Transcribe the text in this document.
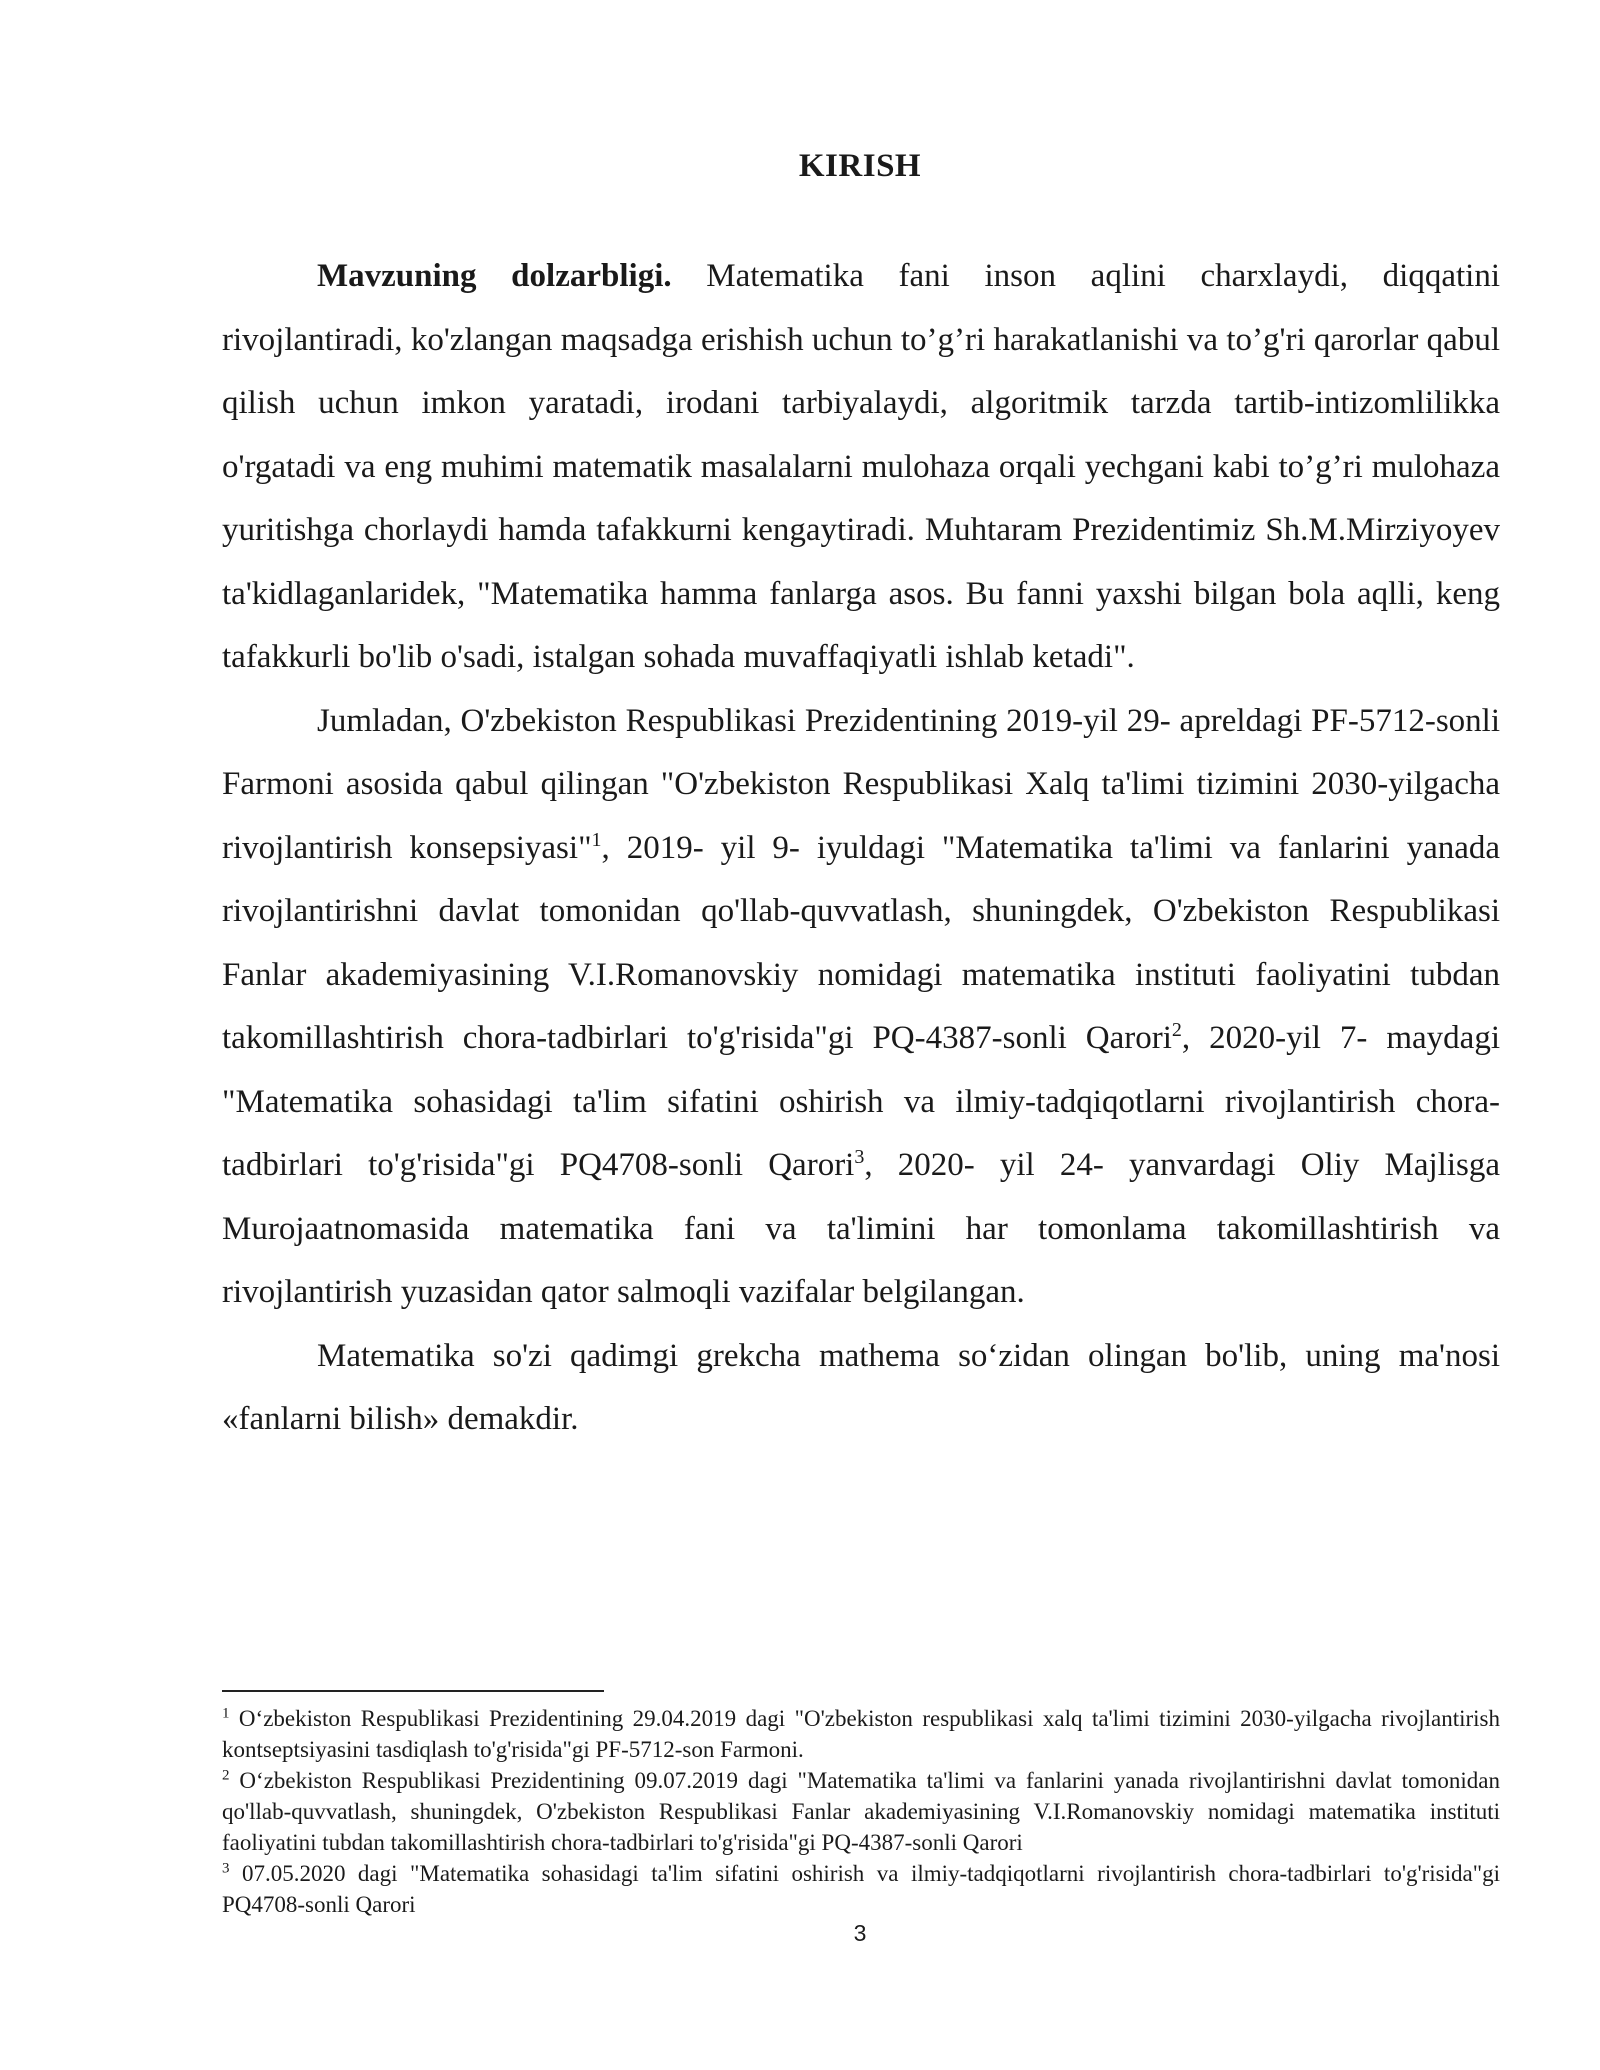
KIRISH

Mavzuning dolzarbligi. Matematika fani inson aqlini charxlaydi, diqqatini rivojlantiradi, ko'zlangan maqsadga erishish uchun to’g’ri harakatlanishi va to’g'ri qarorlar qabul qilish uchun imkon yaratadi, irodani tarbiyalaydi, algoritmik tarzda tartib-intizomlilikka o'rgatadi va eng muhimi matematik masalalarni mulohaza orqali yechgani kabi to’g’ri mulohaza yuritishga chorlaydi hamda tafakkurni kengaytiradi. Muhtaram Prezidentimiz Sh.M.Mirziyoyev ta'kidlaganlaridek, "Matematika hamma fanlarga asos. Bu fanni yaxshi bilgan bola aqlli, keng tafakkurli bo'lib o'sadi, istalgan sohada muvaffaqiyatli ishlab ketadi".

Jumladan, O'zbekiston Respublikasi Prezidentining 2019-yil 29- apreldagi PF-5712-sonli Farmoni asosida qabul qilingan "O'zbekiston Respublikasi Xalq ta'limi tizimini 2030-yilgacha rivojlantirish konsepsiyasi"$^1$, 2019- yil 9- iyuldagi "Matematika ta'limi va fanlarini yanada rivojlantirishni davlat tomonidan qo'llab-quvvatlash, shuningdek, O'zbekiston Respublikasi Fanlar akademiyasining V.I.Romanovskiy nomidagi matematika instituti faoliyatini tubdan takomillashtirish chora-tadbirlari to'g'risida"gi PQ-4387-sonli Qarori$^2$, 2020-yil 7- maydagi "Matematika sohasidagi ta'lim sifatini oshirish va ilmiy-tadqiqotlarni rivojlantirish chora-tadbirlari to'g'risida"gi PQ4708-sonli Qarori$^3$, 2020- yil 24- yanvardagi Oliy Majlisga Murojaatnomasida matematika fani va ta'limini har tomonlama takomillashtirish va rivojlantirish yuzasidan qator salmoqli vazifalar belgilangan.

Matematika so'zi qadimgi grekcha mathema so‘zidan olingan bo'lib, uning ma'nosi «fanlarni bilish» demakdir.

$^1$ O‘zbekiston Respublikasi Prezidentining 29.04.2019 dagi "O'zbekiston respublikasi xalq ta'limi tizimini 2030-yilgacha rivojlantirish kontseptsiyasini tasdiqlash to'g'risida"gi PF-5712-son Farmoni.

$^2$ O‘zbekiston Respublikasi Prezidentining 09.07.2019 dagi "Matematika ta'limi va fanlarini yanada rivojlantirishni davlat tomonidan qo'llab-quvvatlash, shuningdek, O'zbekiston Respublikasi Fanlar akademiyasining V.I.Romanovskiy nomidagi matematika instituti faoliyatini tubdan takomillashtirish chora-tadbirlari to'g'risida"gi PQ-4387-sonli Qarori

$^3$ 07.05.2020 dagi "Matematika sohasidagi ta'lim sifatini oshirish va ilmiy-tadqiqotlarni rivojlantirish chora-tadbirlari to'g'risida"gi PQ4708-sonli Qarori

3
